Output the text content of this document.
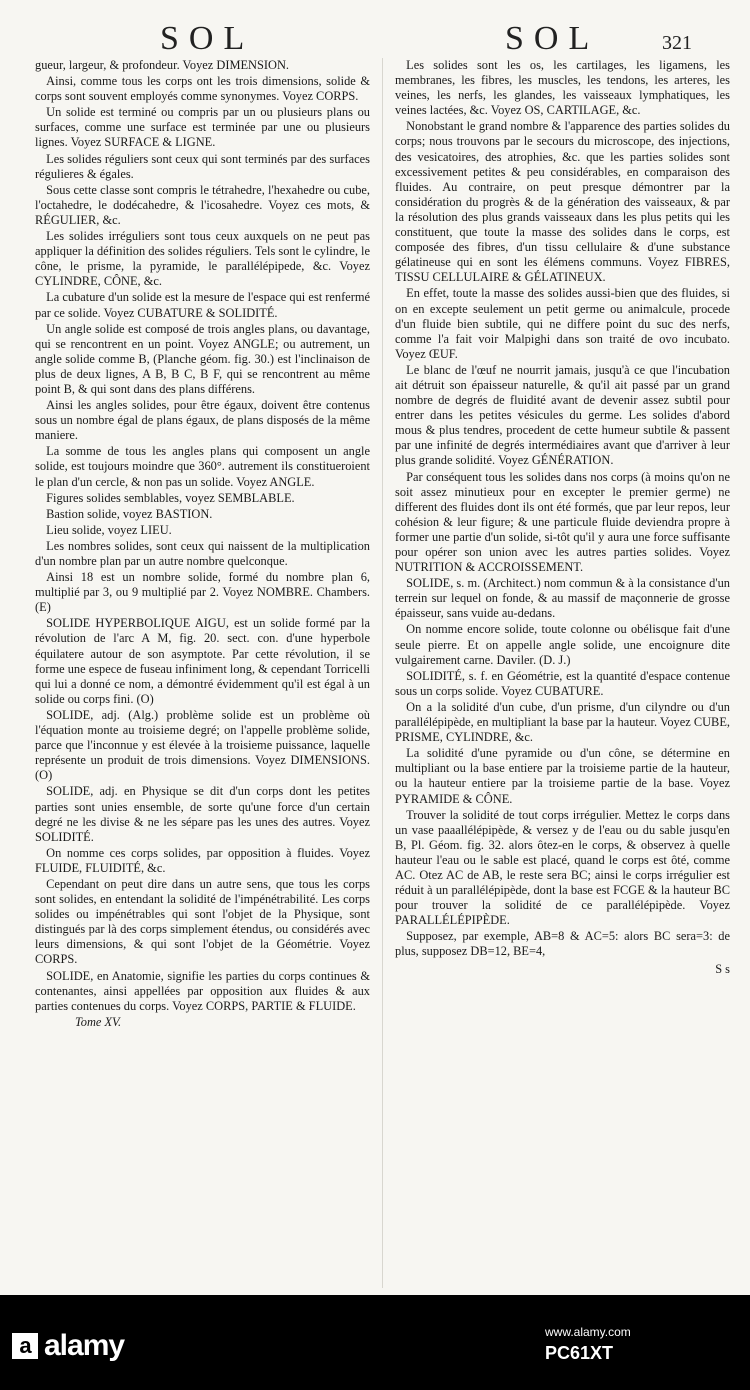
SOL	SOL	321

gueur, largeur, & profondeur. Voyez DIMENSION.

Ainsi, comme tous les corps ont les trois dimensions, solide & corps sont souvent employés comme synonymes. Voyez CORPS.

Un solide est terminé ou compris par un ou plusieurs plans ou surfaces, comme une surface est terminée par une ou plusieurs lignes. Voyez SURFACE & LIGNE.

Les solides réguliers sont ceux qui sont terminés par des surfaces régulieres & égales.

Sous cette classe sont compris le tétrahedre, l'hexahedre ou cube, l'octahedre, le dodécahedre, & l'icosahedre. Voyez ces mots, & RÉGULIER, &c.

Les solides irréguliers sont tous ceux auxquels on ne peut pas appliquer la définition des solides réguliers. Tels sont le cylindre, le cône, le prisme, la pyramide, le parallélépipede, &c. Voyez CYLINDRE, CÔNE, &c.

La cubature d'un solide est la mesure de l'espace qui est renfermé par ce solide. Voyez CUBATURE & SOLIDITÉ.

Un angle solide est composé de trois angles plans, ou davantage, qui se rencontrent en un point. Voyez ANGLE; ou autrement, un angle solide comme B, (Planche géom. fig. 30.) est l'inclinaison de plus de deux lignes, A B, B C, B F, qui se rencontrent au même point B, & qui sont dans des plans différens.

Ainsi les angles solides, pour être égaux, doivent être contenus sous un nombre égal de plans égaux, de plans disposés de la même maniere.

La somme de tous les angles plans qui composent un angle solide, est toujours moindre que 360°. autrement ils constitueroient le plan d'un cercle, & non pas un solide. Voyez ANGLE.

Figures solides semblables, voyez SEMBLABLE.

Bastion solide, voyez BASTION.

Lieu solide, voyez LIEU.

Les nombres solides, sont ceux qui naissent de la multiplication d'un nombre plan par un autre nombre quelconque.

Ainsi 18 est un nombre solide, formé du nombre plan 6, multiplié par 3, ou 9 multiplié par 2. Voyez NOMBRE. Chambers. (E)

SOLIDE HYPERBOLIQUE AIGU, est un solide formé par la révolution de l'arc A M, fig. 20. sect. con. d'une hyperbole équilatere autour de son asymptote. Par cette révolution, il se forme une espece de fuseau infiniment long, & cependant Torricelli qui lui a donné ce nom, a démontré évidemment qu'il est égal à un solide ou corps fini. (O)

SOLIDE, adj. (Alg.) problème solide est un problème où l'équation monte au troisieme degré; on l'appelle problème solide, parce que l'inconnue y est élevée à la troisieme puissance, laquelle représente un produit de trois dimensions. Voyez DIMENSIONS. (O)

SOLIDE, adj. en Physique se dit d'un corps dont les petites parties sont unies ensemble, de sorte qu'une force d'un certain degré ne les divise & ne les sépare pas les unes des autres. Voyez SOLIDITÉ.

On nomme ces corps solides, par opposition à fluides. Voyez FLUIDE, FLUIDITÉ, &c.

Cependant on peut dire dans un autre sens, que tous les corps sont solides, en entendant la solidité de l'impénétrabilité. Les corps solides ou impénétrables qui sont l'objet de la Physique, sont distingués par là des corps simplement étendus, ou considérés avec leurs dimensions, & qui sont l'objet de la Géométrie. Voyez CORPS.

SOLIDE, en Anatomie, signifie les parties du corps continues & contenantes, ainsi appellées par opposition aux fluides & aux parties contenues du corps. Voyez CORPS, PARTIE & FLUIDE.

Tome XV.

Les solides sont les os, les cartilages, les ligamens, les membranes, les fibres, les muscles, les tendons, les arteres, les veines, les nerfs, les glandes, les vaisseaux lymphatiques, les veines lactées, &c. Voyez OS, CARTILAGE, &c.

Nonobstant le grand nombre & l'apparence des parties solides du corps; nous trouvons par le secours du microscope, des injections, des vesicatoires, des atrophies, &c. que les parties solides sont excessivement petites & peu considérables, en comparaison des fluides. Au contraire, on peut presque démontrer par la considération du progrès & de la génération des vaisseaux, & par la résolution des plus grands vaisseaux dans les plus petits qui les constituent, que toute la masse des solides dans le corps, est composée des fibres, d'un tissu cellulaire & d'une substance gélatineuse qui en sont les élémens communs. Voyez FIBRES, TISSU CELLULAIRE & GÉLATINEUX.

En effet, toute la masse des solides aussi-bien que des fluides, si on en excepte seulement un petit germe ou animalcule, procede d'un fluide bien subtile, qui ne differe point du suc des nerfs, comme l'a fait voir Malpighi dans son traité de ovo incubato. Voyez ŒUF.

Le blanc de l'œuf ne nourrit jamais, jusqu'à ce que l'incubation ait détruit son épaisseur naturelle, & qu'il ait passé par un grand nombre de degrés de fluidité avant de devenir assez subtil pour entrer dans les petites vésicules du germe. Les solides d'abord mous & plus tendres, procedent de cette humeur subtile & passent par une infinité de degrés intermédiaires avant que d'arriver à leur plus grande solidité. Voyez GÉNÉRATION.

Par conséquent tous les solides dans nos corps (à moins qu'on ne soit assez minutieux pour en excepter le premier germe) ne different des fluides dont ils ont été formés, que par leur repos, leur cohésion & leur figure; & une particule fluide deviendra propre à former une partie d'un solide, si-tôt qu'il y aura une force suffisante pour opérer son union avec les autres parties solides. Voyez NUTRITION & ACCROISSEMENT.

SOLIDE, s. m. (Architect.) nom commun & à la consistance d'un terrein sur lequel on fonde, & au massif de maçonnerie de grosse épaisseur, sans vuide au-dedans.

On nomme encore solide, toute colonne ou obélisque fait d'une seule pierre. Et on appelle angle solide, une encoignure dite vulgairement carne. Daviler. (D. J.)

SOLIDITÉ, s. f. en Géométrie, est la quantité d'espace contenue sous un corps solide. Voyez CUBATURE.

On a la solidité d'un cube, d'un prisme, d'un cilyndre ou d'un parallélépipède, en multipliant la base par la hauteur. Voyez CUBE, PRISME, CYLINDRE, &c.

La solidité d'une pyramide ou d'un cône, se détermine en multipliant ou la base entiere par la troisieme partie de la hauteur, ou la hauteur entiere par la troisieme partie de la base. Voyez PYRAMIDE & CÔNE.

Trouver la solidité de tout corps irrégulier. Mettez le corps dans un vase paaallélépipède, & versez y de l'eau ou du sable jusqu'en B, Pl. Géom. fig. 32. alors ôtez-en le corps, & observez à quelle hauteur l'eau ou le sable est placé, quand le corps est ôté, comme AC. Otez AC de AB, le reste sera BC; ainsi le corps irrégulier est réduit à un parallélépipède, dont la base est FCGE & la hauteur BC pour trouver la solidité de ce parallélépipède. Voyez PARALLÉLÉPIPÈDE.

Supposez, par exemple, AB=8 & AC=5: alors BC sera=3: de plus, supposez DB=12, BE=4,

S s

a alamy	www.alamy.com
PC61XT
